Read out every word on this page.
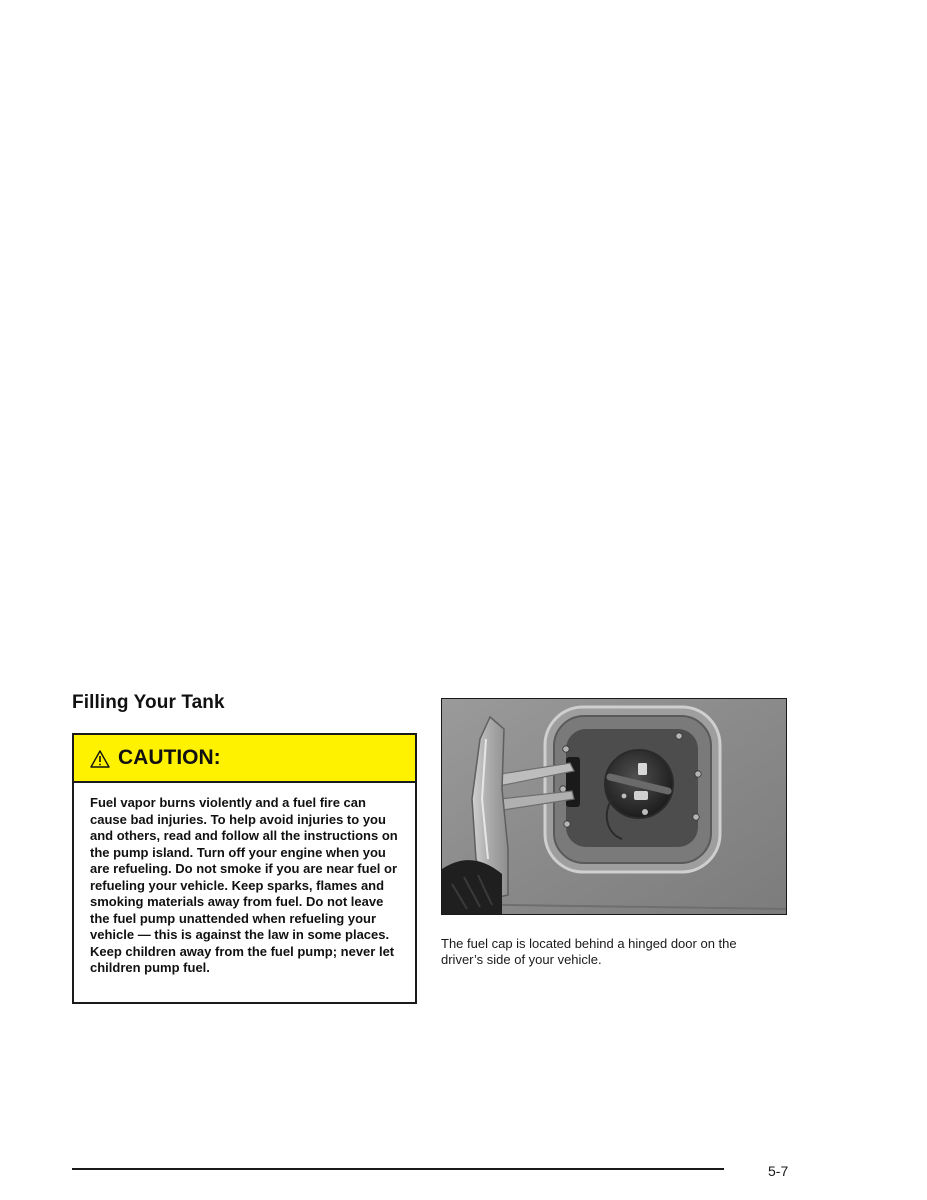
Filling Your Tank
CAUTION:

Fuel vapor burns violently and a fuel fire can cause bad injuries. To help avoid injuries to you and others, read and follow all the instructions on the pump island. Turn off your engine when you are refueling. Do not smoke if you are near fuel or refueling your vehicle. Keep sparks, flames and smoking materials away from fuel. Do not leave the fuel pump unattended when refueling your vehicle — this is against the law in some places. Keep children away from the fuel pump; never let children pump fuel.

The fuel cap is located behind a hinged door on the driver’s side of your vehicle.

5-7
